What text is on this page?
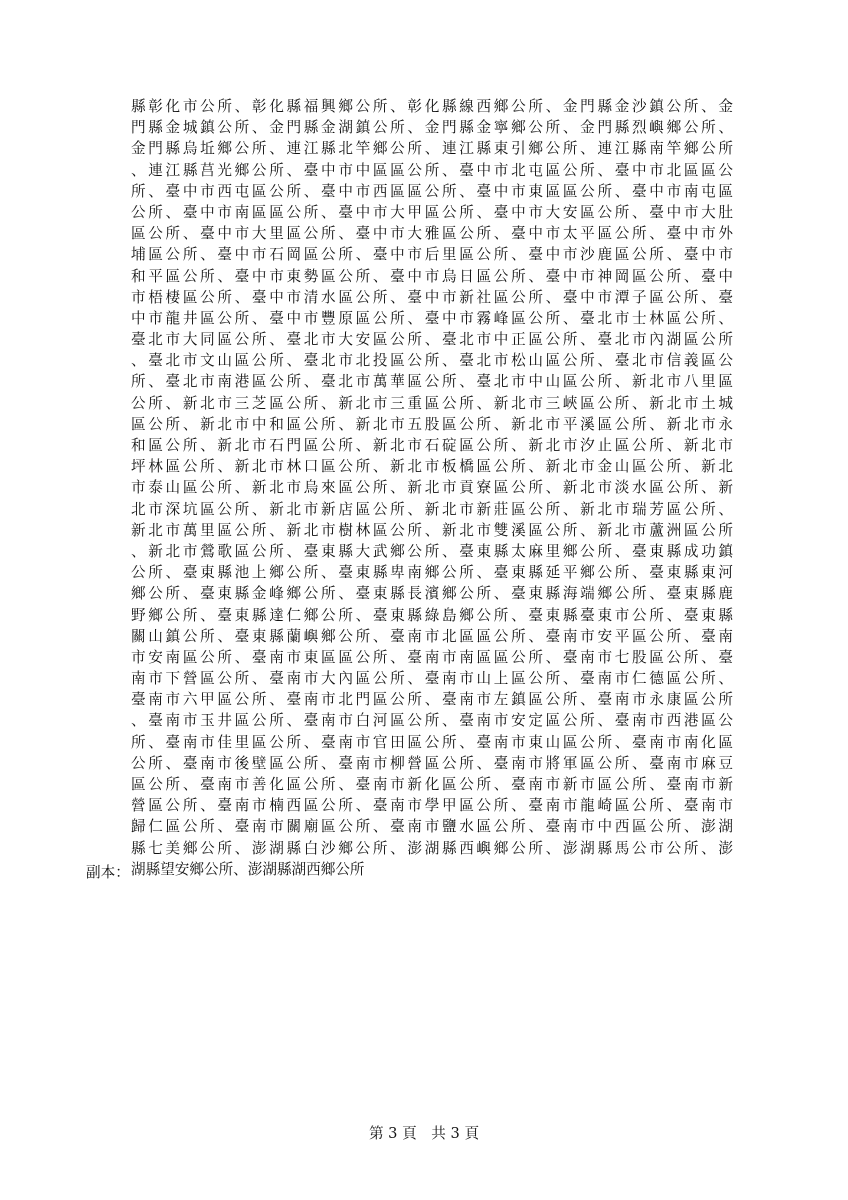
縣彰化市公所、彰化縣福興鄉公所、彰化縣線西鄉公所、金門縣金沙鎮公所、金
門縣金城鎮公所、金門縣金湖鎮公所、金門縣金寧鄉公所、金門縣烈嶼鄉公所、
金門縣烏坵鄉公所、連江縣北竿鄉公所、連江縣東引鄉公所、連江縣南竿鄉公所
、連江縣莒光鄉公所、臺中市中區區公所、臺中市北屯區公所、臺中市北區區公
所、臺中市西屯區公所、臺中市西區區公所、臺中市東區區公所、臺中市南屯區
公所、臺中市南區區公所、臺中市大甲區公所、臺中市大安區公所、臺中市大肚
區公所、臺中市大里區公所、臺中市大雅區公所、臺中市太平區公所、臺中市外
埔區公所、臺中市石岡區公所、臺中市后里區公所、臺中市沙鹿區公所、臺中市
和平區公所、臺中市東勢區公所、臺中市烏日區公所、臺中市神岡區公所、臺中
市梧棲區公所、臺中市清水區公所、臺中市新社區公所、臺中市潭子區公所、臺
中市龍井區公所、臺中市豐原區公所、臺中市霧峰區公所、臺北市士林區公所、
臺北市大同區公所、臺北市大安區公所、臺北市中正區公所、臺北市內湖區公所
、臺北市文山區公所、臺北市北投區公所、臺北市松山區公所、臺北市信義區公
所、臺北市南港區公所、臺北市萬華區公所、臺北市中山區公所、新北市八里區
公所、新北市三芝區公所、新北市三重區公所、新北市三峽區公所、新北市土城
區公所、新北市中和區公所、新北市五股區公所、新北市平溪區公所、新北市永
和區公所、新北市石門區公所、新北市石碇區公所、新北市汐止區公所、新北市
坪林區公所、新北市林口區公所、新北市板橋區公所、新北市金山區公所、新北
市泰山區公所、新北市烏來區公所、新北市貢寮區公所、新北市淡水區公所、新
北市深坑區公所、新北市新店區公所、新北市新莊區公所、新北市瑞芳區公所、
新北市萬里區公所、新北市樹林區公所、新北市雙溪區公所、新北市蘆洲區公所
、新北市鶯歌區公所、臺東縣大武鄉公所、臺東縣太麻里鄉公所、臺東縣成功鎮
公所、臺東縣池上鄉公所、臺東縣卑南鄉公所、臺東縣延平鄉公所、臺東縣東河
鄉公所、臺東縣金峰鄉公所、臺東縣長濱鄉公所、臺東縣海端鄉公所、臺東縣鹿
野鄉公所、臺東縣達仁鄉公所、臺東縣綠島鄉公所、臺東縣臺東市公所、臺東縣
關山鎮公所、臺東縣蘭嶼鄉公所、臺南市北區區公所、臺南市安平區公所、臺南
市安南區公所、臺南市東區區公所、臺南市南區區公所、臺南市七股區公所、臺
南市下營區公所、臺南市大內區公所、臺南市山上區公所、臺南市仁德區公所、
臺南市六甲區公所、臺南市北門區公所、臺南市左鎮區公所、臺南市永康區公所
、臺南市玉井區公所、臺南市白河區公所、臺南市安定區公所、臺南市西港區公
所、臺南市佳里區公所、臺南市官田區公所、臺南市東山區公所、臺南市南化區
公所、臺南市後壁區公所、臺南市柳營區公所、臺南市將軍區公所、臺南市麻豆
區公所、臺南市善化區公所、臺南市新化區公所、臺南市新市區公所、臺南市新
營區公所、臺南市楠西區公所、臺南市學甲區公所、臺南市龍崎區公所、臺南市
歸仁區公所、臺南市關廟區公所、臺南市鹽水區公所、臺南市中西區公所、澎湖
縣七美鄉公所、澎湖縣白沙鄉公所、澎湖縣西嶼鄉公所、澎湖縣馬公市公所、澎
湖縣望安鄉公所、澎湖縣湖西鄉公所
副本：
第 3 頁　共 3 頁
